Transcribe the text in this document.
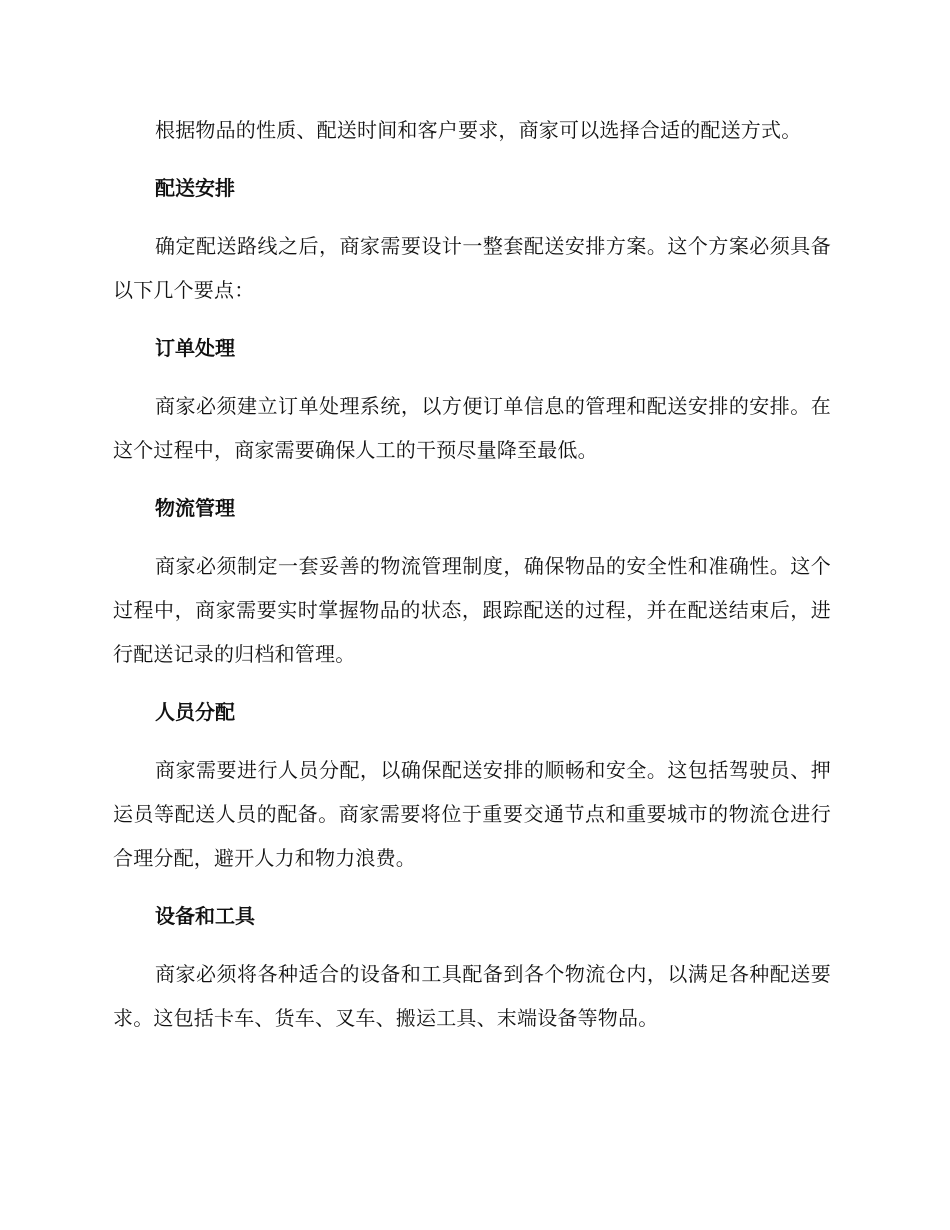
根据物品的性质、配送时间和客户要求，商家可以选择合适的配送方式。

配送安排

确定配送路线之后，商家需要设计一整套配送安排方案。这个方案必须具备以下几个要点：

订单处理

商家必须建立订单处理系统，以方便订单信息的管理和配送安排的安排。在这个过程中，商家需要确保人工的干预尽量降至最低。

物流管理

商家必须制定一套妥善的物流管理制度，确保物品的安全性和准确性。这个过程中，商家需要实时掌握物品的状态，跟踪配送的过程，并在配送结束后，进行配送记录的归档和管理。

人员分配

商家需要进行人员分配，以确保配送安排的顺畅和安全。这包括驾驶员、押运员等配送人员的配备。商家需要将位于重要交通节点和重要城市的物流仓进行合理分配，避开人力和物力浪费。

设备和工具

商家必须将各种适合的设备和工具配备到各个物流仓内，以满足各种配送要求。这包括卡车、货车、叉车、搬运工具、末端设备等物品。
